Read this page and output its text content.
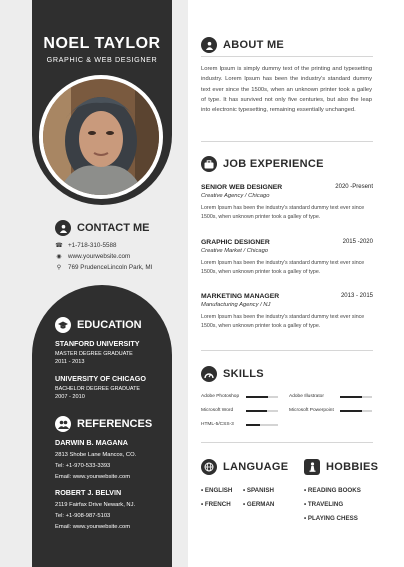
NOEL TAYLOR
GRAPHIC & WEB DESIGNER
CONTACT ME
☎ +1-718-310-5588
◉ www.yourwebsite.com
⚲ 769 PrudenceLincoln Park, MI
EDUCATION
STANFORD UNIVERSITY
MASTER DEGREE GRADUATE
2011 - 2013
UNIVERSITY OF CHICAGO
BACHELOR DEGREE GRADUATE
2007 - 2010
REFERENCES
DARWIN B. MAGANA
2813 Shobe Lane Mancos, CO.
Tel: +1-970-533-3393
Email: www.yourwebsite.com
ROBERT J. BELVIN
2119 Fairfax Drive Newark, NJ.
Tel: +1-908-987-5103
Email: www.yourwebsite.com
ABOUT ME
Lorem Ipsum is simply dummy text of the printing and typesetting industry. Lorem Ipsum has been the industry's standard dummy text ever since the 1500s, when an unknown printer took a galley of type. It has survived not only five centuries, but also the leap into electronic typesetting, remaining essentially unchanged.
JOB EXPERIENCE
SENIOR WEB DESIGNER	2020 -Present
Creative Agency / Chicago
Lorem Ipsum has been the industry's standard dummy text ever since 1500s, when unknown printer took a galley of type.
GRAPHIC DESIGNER	2015 -2020
Creative Market / Chicago
Lorem Ipsum has been the industry's standard dummy text ever since 1500s, when unknown printer took a galley of type.
MARKETING MANAGER	2013 - 2015
Manufacturing Agency / NJ
Lorem Ipsum has been the industry's standard dummy text ever since 1500s, when unknown printer took a galley of type.
SKILLS
Adobe Photoshop	Adobe Illustrator
Microsoft Word	Microsoft Powerpoint
HTML-5/CSS-3
LANGUAGE
• ENGLISH • SPANISH
• FRENCH • GERMAN
HOBBIES
• READING BOOKS
• TRAVELING
• PLAYING CHESS
